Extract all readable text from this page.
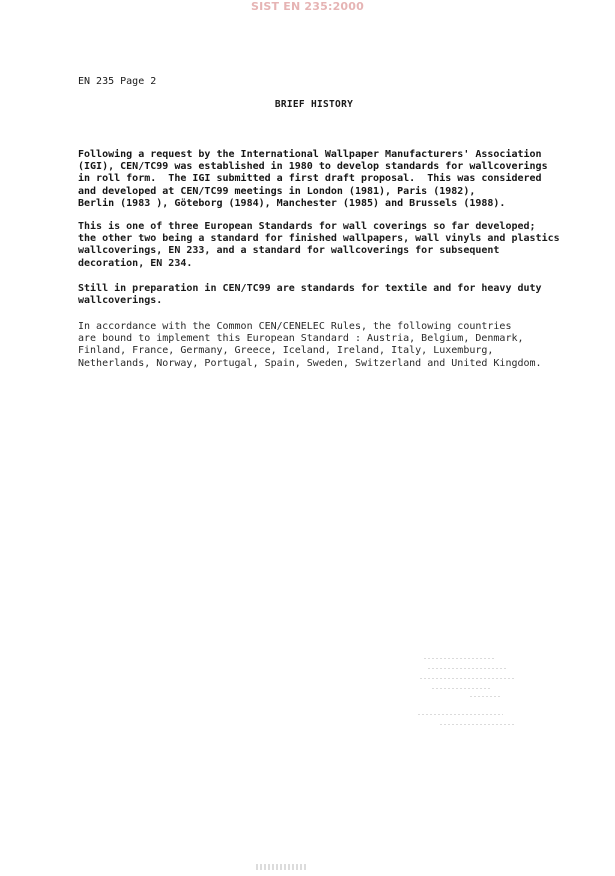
SIST EN 235:2000
EN 235 Page 2
BRIEF HISTORY
Following a request by the International Wallpaper Manufacturers' Association
(IGI), CEN/TC99 was established in 1980 to develop standards for wallcoverings
in roll form.  The IGI submitted a first draft proposal.  This was considered
and developed at CEN/TC99 meetings in London (1981), Paris (1982),
Berlin (1983 ), Göteborg (1984), Manchester (1985) and Brussels (1988).
This is one of three European Standards for wall coverings so far developed;
the other two being a standard for finished wallpapers, wall vinyls and plastics
wallcoverings, EN 233, and a standard for wallcoverings for subsequent
decoration, EN 234.
Still in preparation in CEN/TC99 are standards for textile and for heavy duty
wallcoverings.
In accordance with the Common CEN/CENELEC Rules, the following countries
are bound to implement this European Standard : Austria, Belgium, Denmark,
Finland, France, Germany, Greece, Iceland, Ireland, Italy, Luxemburg,
Netherlands, Norway, Portugal, Spain, Sweden, Switzerland and United Kingdom.
